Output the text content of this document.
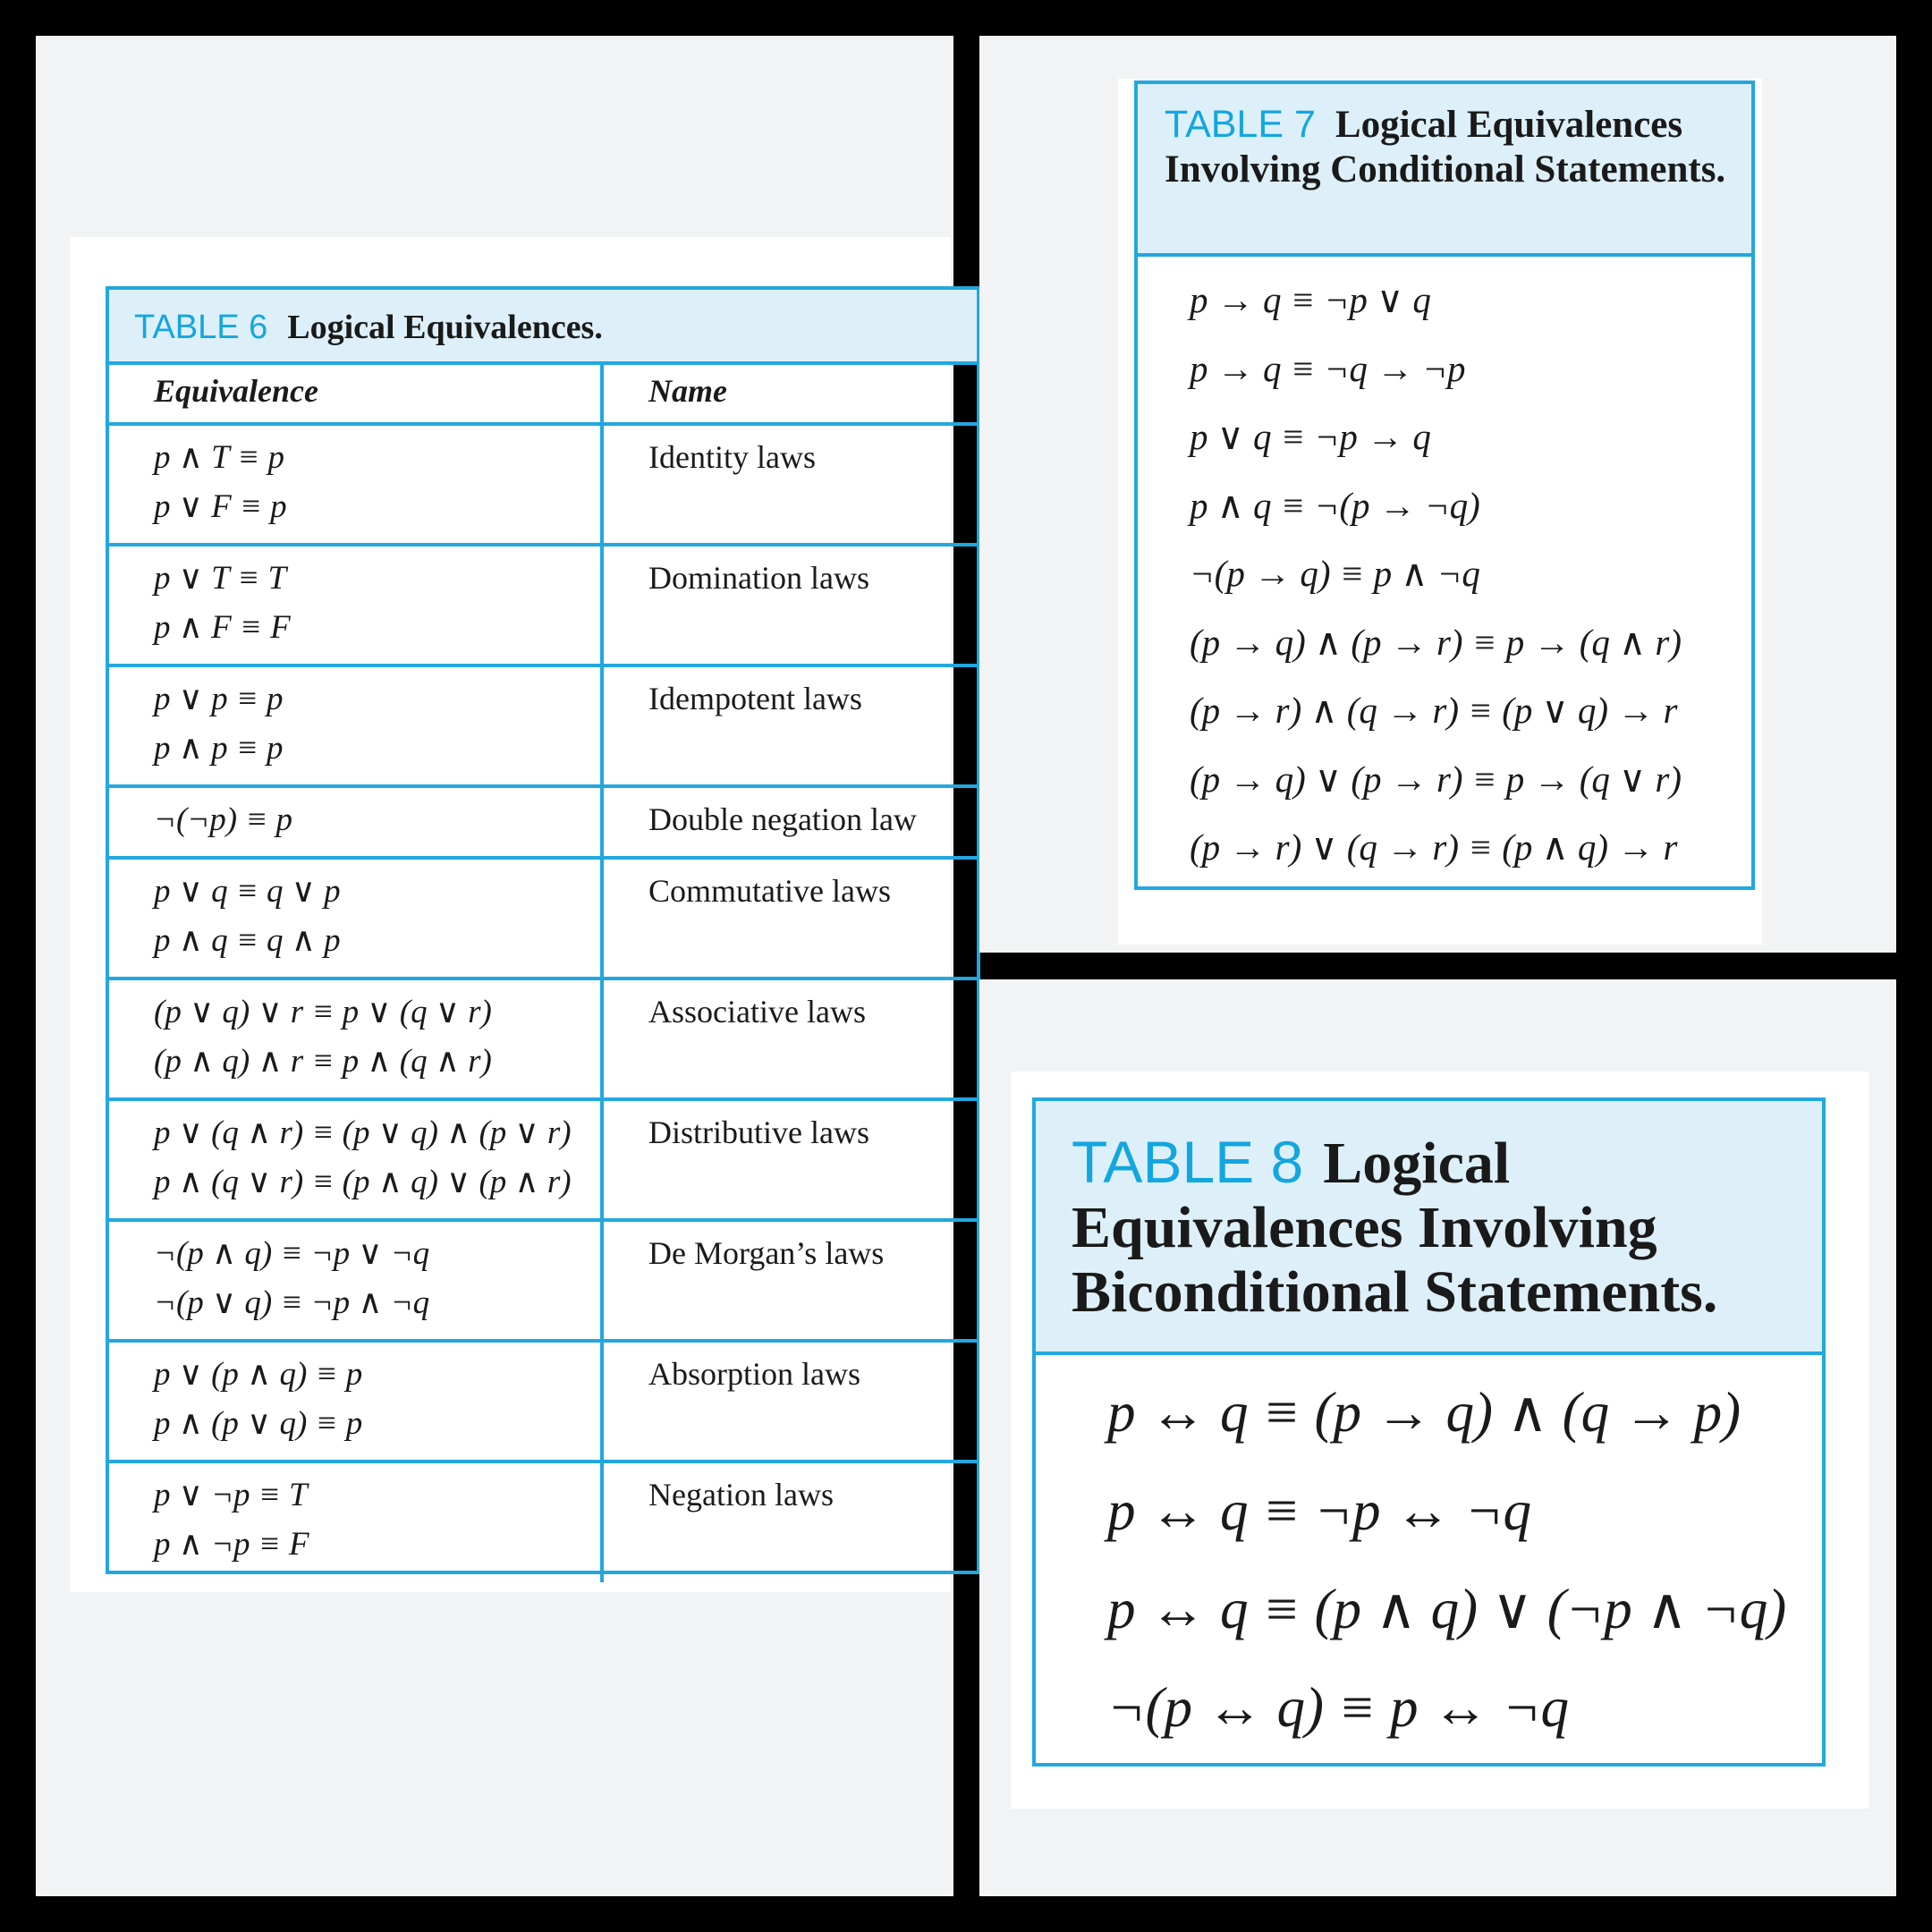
TABLE 6 Logical Equivalences.
Equivalence	Name

p ∧ T ≡ p
p ∨ F ≡ p	Identity laws

p ∨ T ≡ T
p ∧ F ≡ F	Domination laws

p ∨ p ≡ p
p ∧ p ≡ p	Idempotent laws

¬(¬p) ≡ p	Double negation law

p ∨ q ≡ q ∨ p
p ∧ q ≡ q ∧ p	Commutative laws

(p ∨ q) ∨ r ≡ p ∨ (q ∨ r)
(p ∧ q) ∧ r ≡ p ∧ (q ∧ r)	Associative laws

p ∨ (q ∧ r) ≡ (p ∨ q) ∧ (p ∨ r)
p ∧ (q ∨ r) ≡ (p ∧ q) ∨ (p ∧ r)	Distributive laws

¬(p ∧ q) ≡ ¬p ∨ ¬q
¬(p ∨ q) ≡ ¬p ∧ ¬q	De Morgan’s laws

p ∨ (p ∧ q) ≡ p
p ∧ (p ∨ q) ≡ p	Absorption laws

p ∨ ¬p ≡ T
p ∧ ¬p ≡ F	Negation laws
TABLE 7 Logical Equivalences Involving Conditional Statements.
p → q ≡ ¬p ∨ q
p → q ≡ ¬q → ¬p
p ∨ q ≡ ¬p → q
p ∧ q ≡ ¬(p → ¬q)
¬(p → q) ≡ p ∧ ¬q
(p → q) ∧ (p → r) ≡ p → (q ∧ r)
(p → r) ∧ (q → r) ≡ (p ∨ q) → r
(p → q) ∨ (p → r) ≡ p → (q ∨ r)
(p → r) ∨ (q → r) ≡ (p ∧ q) → r
TABLE 8 Logical Equivalences Involving Biconditional Statements.
p ↔ q ≡ (p → q) ∧ (q → p)
p ↔ q ≡ ¬p ↔ ¬q
p ↔ q ≡ (p ∧ q) ∨ (¬p ∧ ¬q)
¬(p ↔ q) ≡ p ↔ ¬q
